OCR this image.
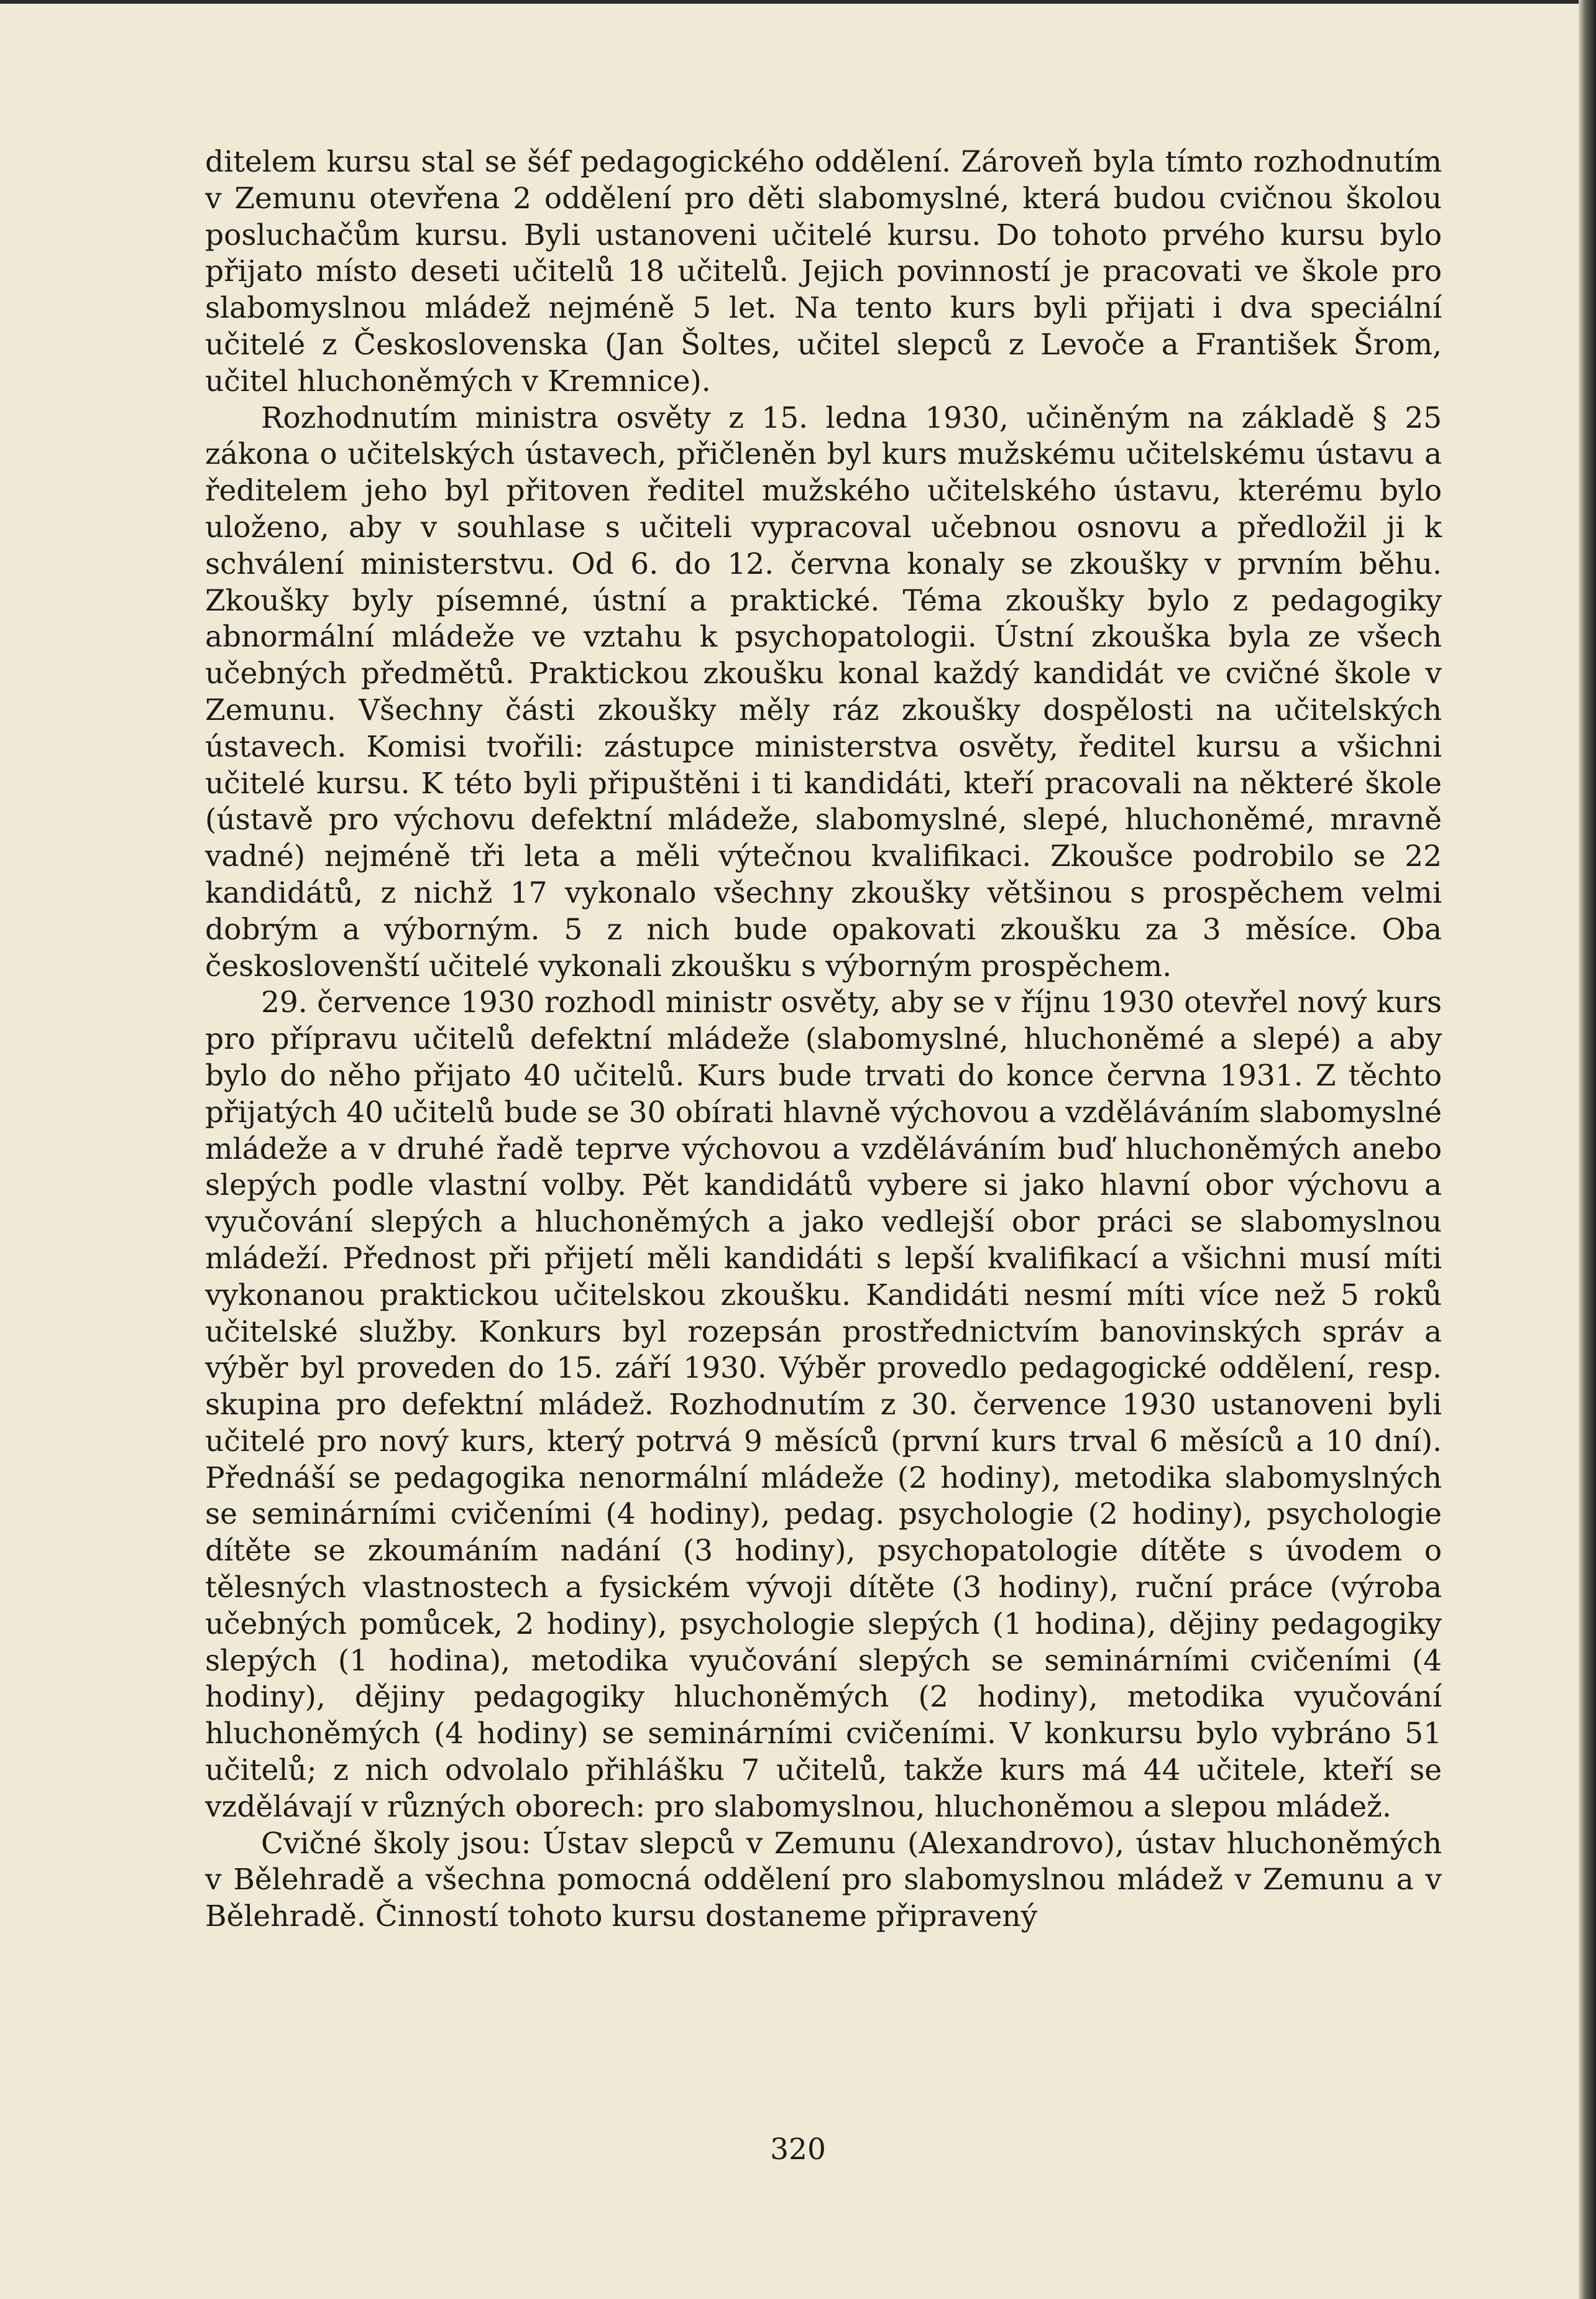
ditelem kursu stal se šéf pedagogického oddělení. Zároveň byla tímto rozhodnutím v Zemunu otevřena 2 oddělení pro děti slabomyslné, která budou cvičnou školou posluchačům kursu. Byli ustanoveni učitelé kursu. Do tohoto prvého kursu bylo přijato místo deseti učitelů 18 učitelů. Jejich povinností je pracovati ve škole pro slabomyslnou mládež nejméně 5 let. Na tento kurs byli přijati i dva speciální učitelé z Československa (Jan Šoltes, učitel slepců z Levoče a František Šrom, učitel hluchoněmých v Kremnice).

Rozhodnutím ministra osvěty z 15. ledna 1930, učiněným na základě § 25 zákona o učitelských ústavech, přičleněn byl kurs mužskému učitelskému ústavu a ředitelem jeho byl přitoven ředitel mužského učitelského ústavu, kterému bylo uloženo, aby v souhlase s učiteli vypracoval učebnou osnovu a předložil ji k schválení ministerstvu. Od 6. do 12. června konaly se zkoušky v prvním běhu. Zkoušky byly písemné, ústní a praktické. Téma zkoušky bylo z pedagogiky abnormální mládeže ve vztahu k psychopatologii. Ústní zkouška byla ze všech učebných předmětů. Praktickou zkoušku konal každý kandidát ve cvičné škole v Zemunu. Všechny části zkoušky měly ráz zkoušky dospělosti na učitelských ústavech. Komisi tvořili: zástupce ministerstva osvěty, ředitel kursu a všichni učitelé kursu. K této byli připuštěni i ti kandidáti, kteří pracovali na některé škole (ústavě pro výchovu defektní mládeže, slabomyslné, slepé, hluchoněmé, mravně vadné) nejméně tři leta a měli výtečnou kvalifikaci. Zkoušce podrobilo se 22 kandidátů, z nichž 17 vykonalo všechny zkoušky většinou s prospěchem velmi dobrým a výborným. 5 z nich bude opakovati zkoušku za 3 měsíce. Oba českoslovenští učitelé vykonali zkoušku s výborným prospěchem.

29. července 1930 rozhodl ministr osvěty, aby se v říjnu 1930 otevřel nový kurs pro přípravu učitelů defektní mládeže (slabomyslné, hluchoněmé a slepé) a aby bylo do něho přijato 40 učitelů. Kurs bude trvati do konce června 1931. Z těchto přijatých 40 učitelů bude se 30 obírati hlavně výchovou a vzděláváním slabomyslné mládeže a v druhé řadě teprve výchovou a vzděláváním buď hluchoněmých anebo slepých podle vlastní volby. Pět kandidátů vybere si jako hlavní obor výchovu a vyučování slepých a hluchoněmých a jako vedlejší obor práci se slabomyslnou mládeží. Přednost při přijetí měli kandidáti s lepší kvalifikací a všichni musí míti vykonanou praktickou učitelskou zkoušku. Kandidáti nesmí míti více než 5 roků učitelské služby. Konkurs byl rozepsán prostřednictvím banovinských správ a výběr byl proveden do 15. září 1930. Výběr provedlo pedagogické oddělení, resp. skupina pro defektní mládež. Rozhodnutím z 30. července 1930 ustanoveni byli učitelé pro nový kurs, který potrvá 9 měsíců (první kurs trval 6 měsíců a 10 dní). Přednáší se pedagogika nenormální mládeže (2 hodiny), metodika slabomyslných se seminárními cvičeními (4 hodiny), pedag. psychologie (2 hodiny), psychologie dítěte se zkoumáním nadání (3 hodiny), psychopatologie dítěte s úvodem o tělesných vlastnostech a fysickém vývoji dítěte (3 hodiny), ruční práce (výroba učebných pomůcek, 2 hodiny), psychologie slepých (1 hodina), dějiny pedagogiky slepých (1 hodina), metodika vyučování slepých se seminárními cvičeními (4 hodiny), dějiny pedagogiky hluchoněmých (2 hodiny), metodika vyučování hluchoněmých (4 hodiny) se seminárními cvičeními. V konkursu bylo vybráno 51 učitelů; z nich odvolalo přihlášku 7 učitelů, takže kurs má 44 učitele, kteří se vzdělávají v různých oborech: pro slabomyslnou, hluchoněmou a slepou mládež.

Cvičné školy jsou: Ústav slepců v Zemunu (Alexandrovo), ústav hluchoněmých v Bělehradě a všechna pomocná oddělení pro slabomyslnou mládež v Zemunu a v Bělehradě. Činností tohoto kursu dostaneme připravený

320
